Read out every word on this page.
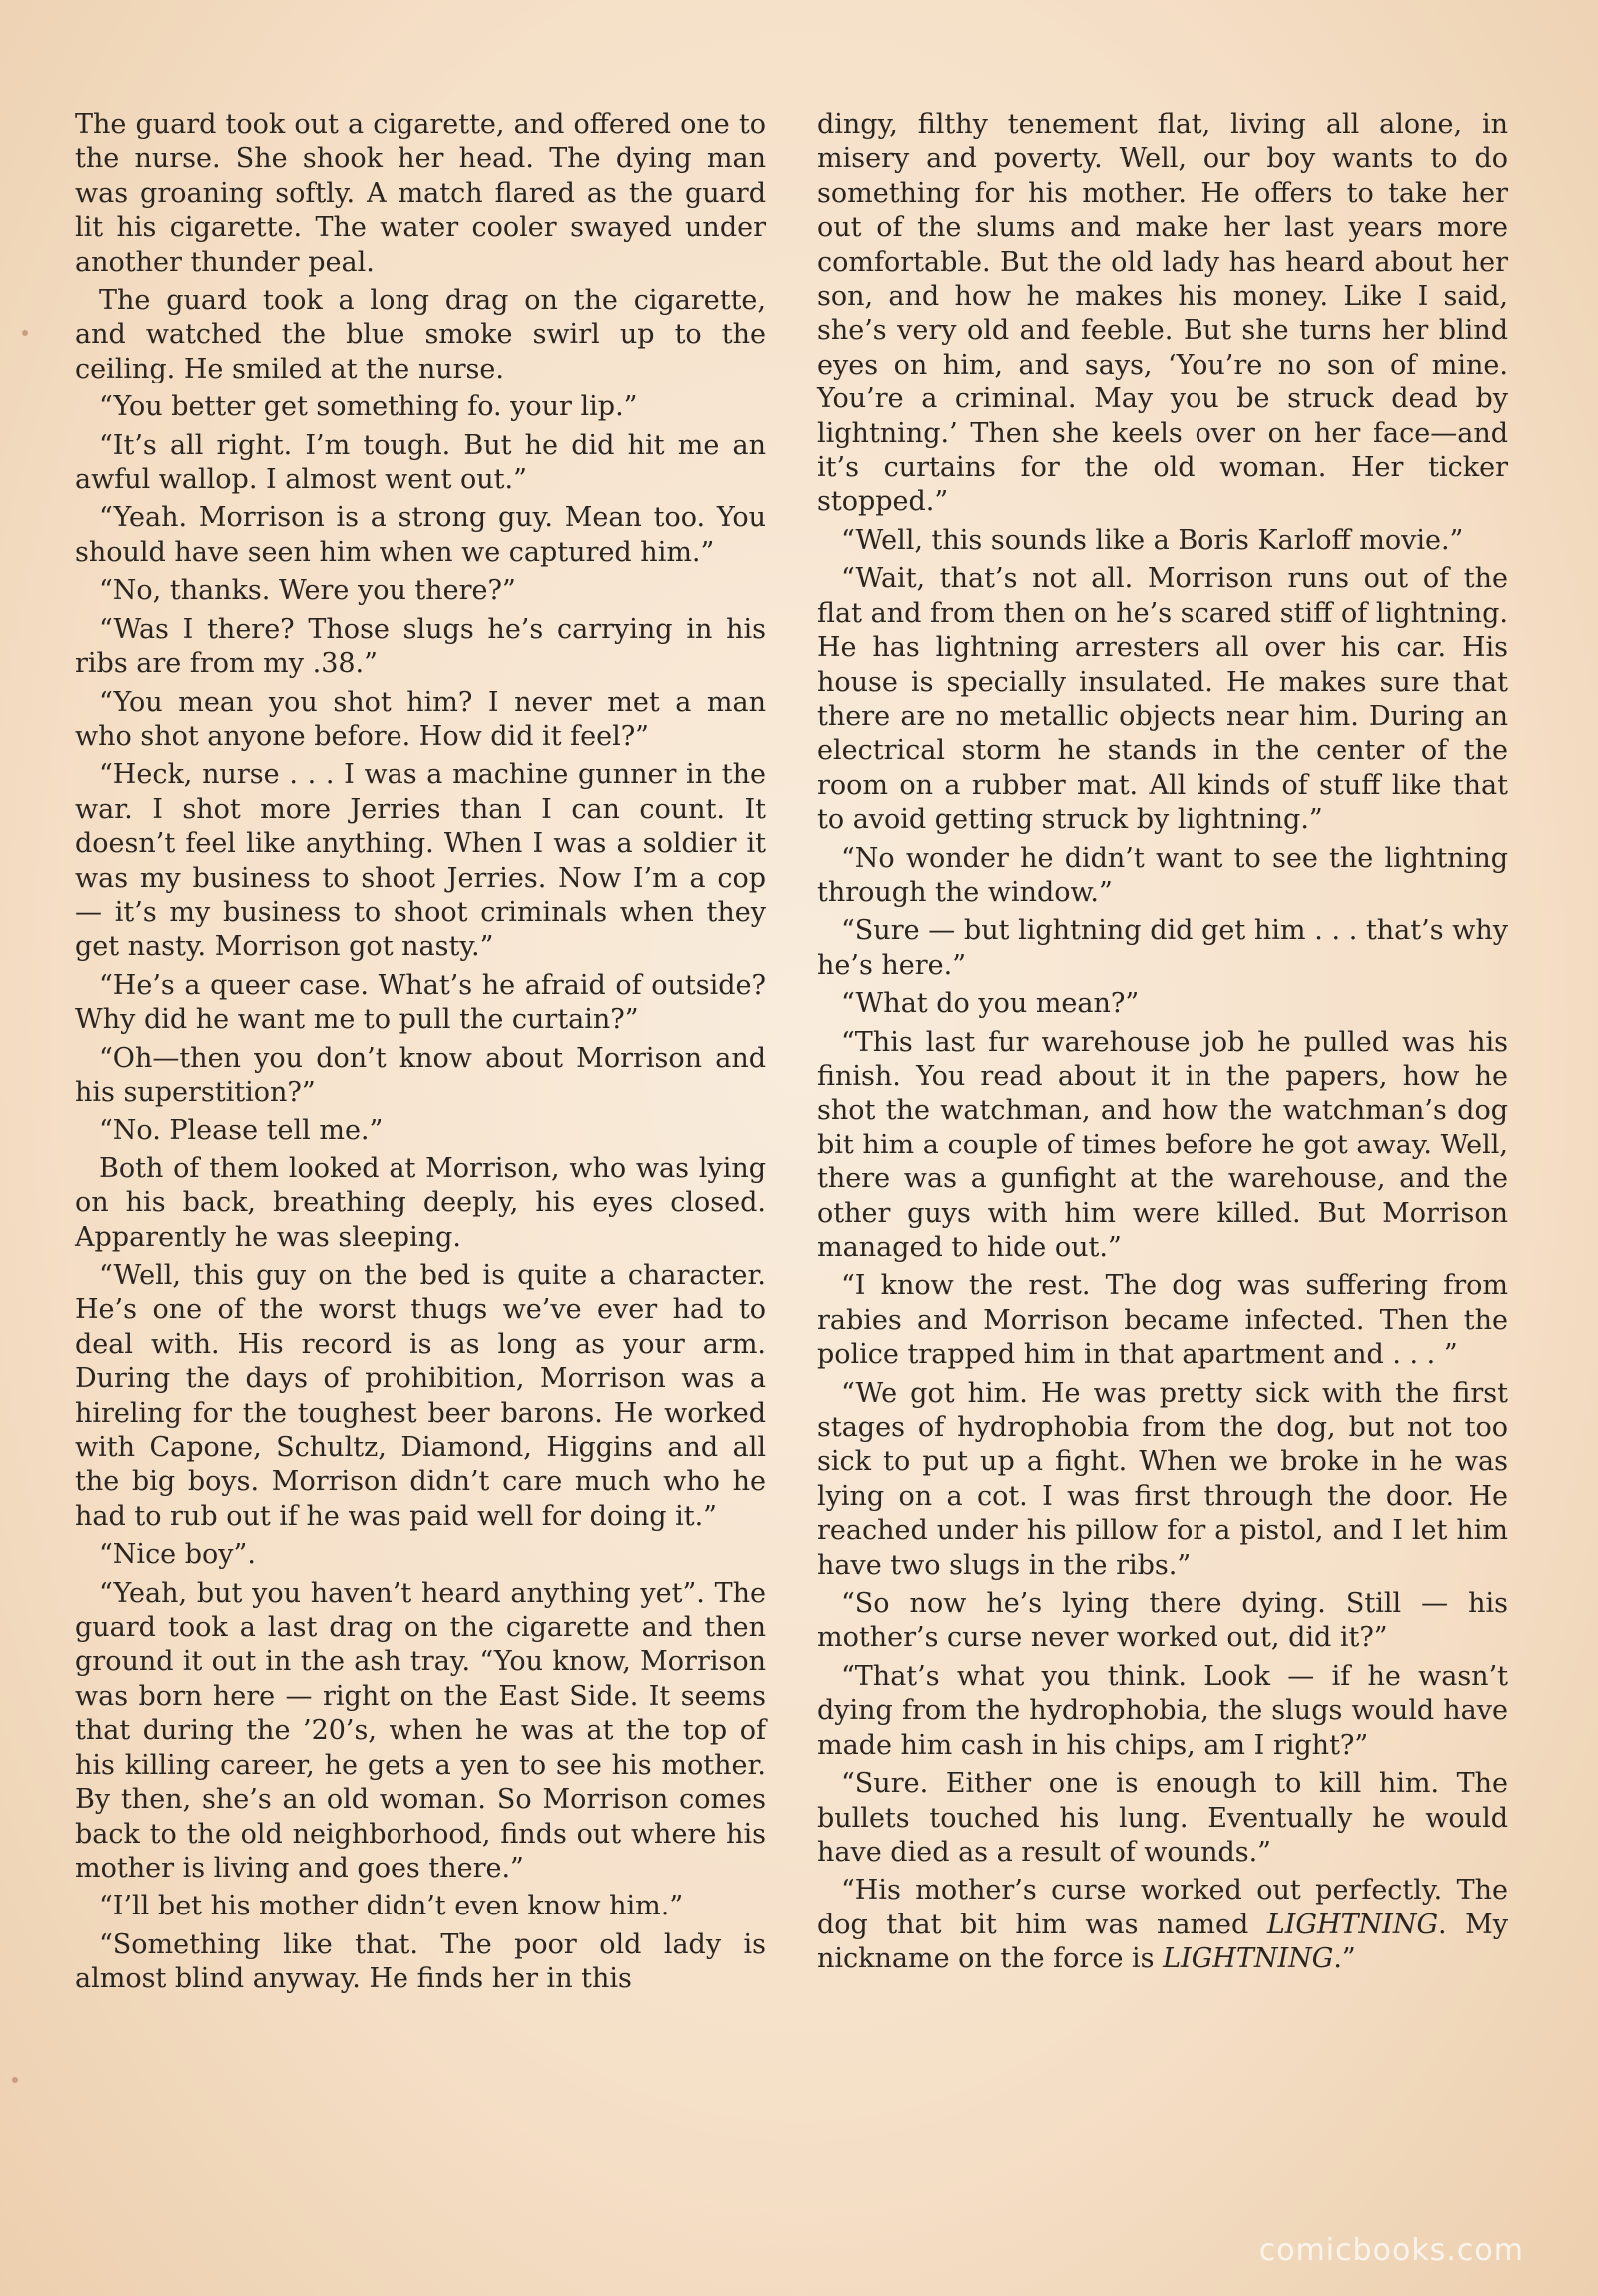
The guard took out a cigarette, and offered one to the nurse. She shook her head. The dying man was groaning softly. A match flared as the guard lit his cigarette. The water cooler swayed under another thunder peal.

The guard took a long drag on the cigarette, and watched the blue smoke swirl up to the ceiling. He smiled at the nurse.

“You better get something fo. your lip.”

“It’s all right. I’m tough. But he did hit me an awful wallop. I almost went out.”

“Yeah. Morrison is a strong guy. Mean too. You should have seen him when we captured him.”

“No, thanks. Were you there?”

“Was I there? Those slugs he’s carrying in his ribs are from my .38.”

“You mean you shot him? I never met a man who shot anyone before. How did it feel?”

“Heck, nurse . . . I was a machine gunner in the war. I shot more Jerries than I can count. It doesn’t feel like anything. When I was a soldier it was my business to shoot Jerries. Now I’m a cop — it’s my business to shoot criminals when they get nasty. Morrison got nasty.”

“He’s a queer case. What’s he afraid of outside? Why did he want me to pull the curtain?”

“Oh—then you don’t know about Morrison and his superstition?”

“No. Please tell me.”

Both of them looked at Morrison, who was lying on his back, breathing deeply, his eyes closed. Apparently he was sleeping.

“Well, this guy on the bed is quite a character. He’s one of the worst thugs we’ve ever had to deal with. His record is as long as your arm. During the days of prohibition, Morrison was a hireling for the toughest beer barons. He worked with Capone, Schultz, Diamond, Higgins and all the big boys. Morrison didn’t care much who he had to rub out if he was paid well for doing it.”

“Nice boy”.

“Yeah, but you haven’t heard anything yet”. The guard took a last drag on the cigarette and then ground it out in the ash tray. “You know, Morrison was born here — right on the East Side. It seems that during the ’20’s, when he was at the top of his killing career, he gets a yen to see his mother. By then, she’s an old woman. So Morrison comes back to the old neighborhood, finds out where his mother is living and goes there.”

“I’ll bet his mother didn’t even know him.”

“Something like that. The poor old lady is almost blind anyway. He finds her in this

dingy, filthy tenement flat, living all alone, in misery and poverty. Well, our boy wants to do something for his mother. He offers to take her out of the slums and make her last years more comfortable. But the old lady has heard about her son, and how he makes his money. Like I said, she’s very old and feeble. But she turns her blind eyes on him, and says, ‘You’re no son of mine. You’re a criminal. May you be struck dead by lightning.’ Then she keels over on her face—and it’s curtains for the old woman. Her ticker stopped.”

“Well, this sounds like a Boris Karloff movie.”

“Wait, that’s not all. Morrison runs out of the flat and from then on he’s scared stiff of lightning. He has lightning arresters all over his car. His house is specially insulated. He makes sure that there are no metallic objects near him. During an electrical storm he stands in the center of the room on a rubber mat. All kinds of stuff like that to avoid getting struck by lightning.”

“No wonder he didn’t want to see the lightning through the window.”

“Sure — but lightning did get him . . . that’s why he’s here.”

“What do you mean?”

“This last fur warehouse job he pulled was his finish. You read about it in the papers, how he shot the watchman, and how the watchman’s dog bit him a couple of times before he got away. Well, there was a gunfight at the warehouse, and the other guys with him were killed. But Morrison managed to hide out.”

“I know the rest. The dog was suffering from rabies and Morrison became infected. Then the police trapped him in that apartment and . . . ”

“We got him. He was pretty sick with the first stages of hydrophobia from the dog, but not too sick to put up a fight. When we broke in he was lying on a cot. I was first through the door. He reached under his pillow for a pistol, and I let him have two slugs in the ribs.”

“So now he’s lying there dying. Still — his mother’s curse never worked out, did it?”

“That’s what you think. Look — if he wasn’t dying from the hydrophobia, the slugs would have made him cash in his chips, am I right?”

“Sure. Either one is enough to kill him. The bullets touched his lung. Eventually he would have died as a result of wounds.”

“His mother’s curse worked out perfectly. The dog that bit him was named LIGHTNING. My nickname on the force is LIGHTNING.”

comicbooks.com
